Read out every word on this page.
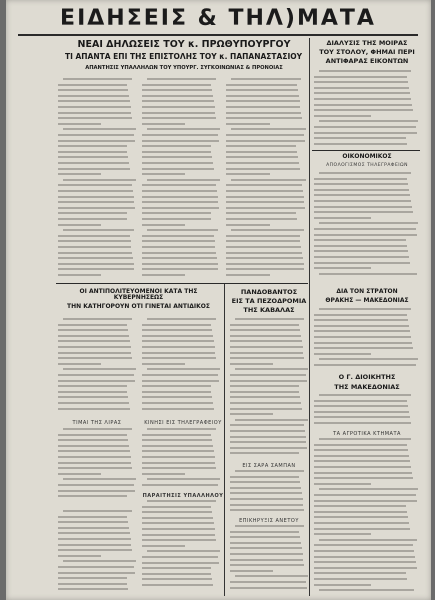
ΕΙΔΗΣΕΙΣ & ΤΗΛ)ΜΑΤΑ
ΝΕΑΙ ΔΗΛΩΣΕΙΣ ΤΟΥ κ. ΠΡΩΘΥΠΟΥΡΓΟΥ
ΤΙ ΑΠΑΝΤΑ ΕΠΙ ΤΗΣ ΕΠΙΣΤΟΛΗΣ ΤΟΥ κ. ΠΑΠΑΝΑΣΤΑΣΙΟΥ
ΑΠΑΝΤΗΣΙΣ ΥΠΑΛΛΗΛΩΝ ΤΟΥ ΥΠΟΥΡΓ. ΣΥΓΚΟΙΝΩΝΙΑΣ & ΠΡΟΝΟΙΑΣ
ΔΙΑΛΥΣΙΣ ΤΗΣ ΜΟΙΡΑΣ
ΤΟΥ ΣΤΟΛΟΥ, ΦΗΜΑΙ ΠΕΡΙ
ΑΝΤΙΦΑΡΑΣ ΕΙΚΟΝΤΩΝ

ΟΙΚΟΝΟΜΙΚΟΣ
ΑΠΟΛΟΓΙΣΜΟΣ ΤΗΛΕΓΡΑΦΕΙΩΝ
ΟΙ ΑΝΤΙΠΟΛΙΤΕΥΟΜΕΝΟΙ ΚΑΤΑ ΤΗΣ ΚΥΒΕΡΝΗΣΕΩΣ
ΤΗΝ ΚΑΤΗΓΟΡΟΥΝ ΟΤΙ ΓΙΝΕΤΑΙ ΑΝΤΙΔΙΚΟΣ
ΠΑΝΔΟΒΑΝΤΟΣ
ΕΙΣ ΤΑ ΠΕΖΟΔΡΟΜΙΑ
ΤΗΣ ΚΑΒΑΛΑΣ
ΕΙΣ ΣΑΡΑ ΣΑΜΠΑΝ
ΕΠΙΚΗΡΥΞΙΣ ΑΝΕΤΟΥ
ΔΙΑ ΤΟΝ ΣΤΡΑΤΟΝ
ΘΡΑΚΗΣ — ΜΑΚΕΔΟΝΙΑΣ
Ο Γ. ΔΙΟΙΚΗΤΗΣ
ΤΗΣ ΜΑΚΕΔΟΝΙΑΣ
ΤΑ ΑΓΡΟΤΙΚΑ ΚΤΗΜΑΤΑ
ΤΙΜΑΙ ΤΗΣ ΛΙΡΑΣ	ΚΙΝΗΣΙ ΕΙΣ ΤΗΛΕΓΡΑΦΕΙΟΥ
ΠΑΡΑΙΤΗΣΙΣ ΥΠΑΛΛΗΛΟΥ
